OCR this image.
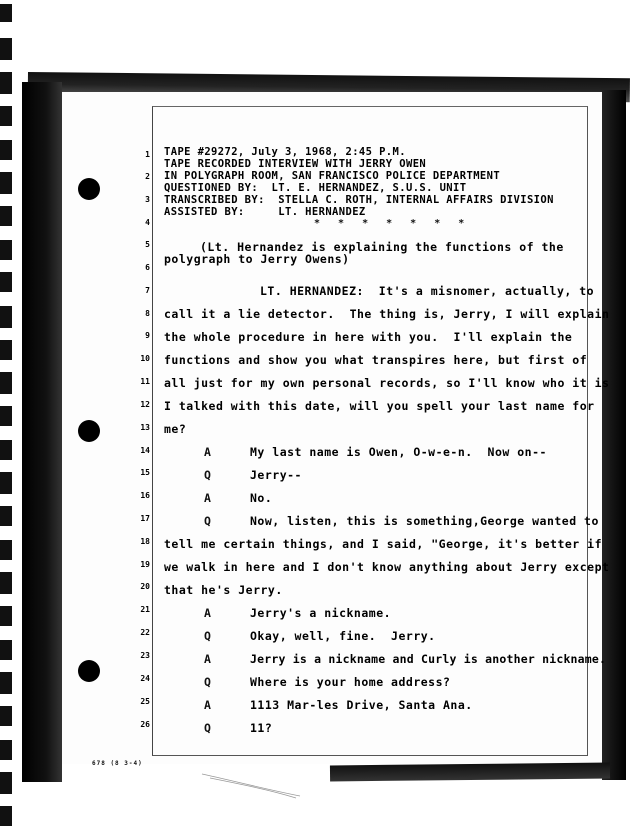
1
2
3
4
5
6
7
8
9
10
11
12
13
14
15
16
17
18
19
20
21
22
23
24
25
26
TAPE #29272, July 3, 1968, 2:45 P.M.
TAPE RECORDED INTERVIEW WITH JERRY OWEN
IN POLYGRAPH ROOM, SAN FRANCISCO POLICE DEPARTMENT
QUESTIONED BY:  LT. E. HERNANDEZ, S.U.S. UNIT
TRANSCRIBED BY:  STELLA C. ROTH, INTERNAL AFFAIRS DIVISION
ASSISTED BY:     LT. HERNANDEZ
* * * * * * *
(Lt. Hernandez is explaining the functions of the
polygraph to Jerry Owens)
LT. HERNANDEZ:  It's a misnomer, actually, to
call it a lie detector.  The thing is, Jerry, I will explain
the whole procedure in here with you.  I'll explain the
functions and show you what transpires here, but first of
all just for my own personal records, so I'll know who it is
I talked with this date, will you spell your last name for
me?
A	My last name is Owen, O-w-e-n.  Now on--
Q	Jerry--
A	No.
Q	Now, listen, this is something,George wanted to
tell me certain things, and I said, "George, it's better if
we walk in here and I don't know anything about Jerry except
that he's Jerry.
A	Jerry's a nickname.
Q	Okay, well, fine.  Jerry.
A	Jerry is a nickname and Curly is another nickname.
Q	Where is your home address?
A	1113 Mar-les Drive, Santa Ana.
Q	11?
678 (8 3-4)
